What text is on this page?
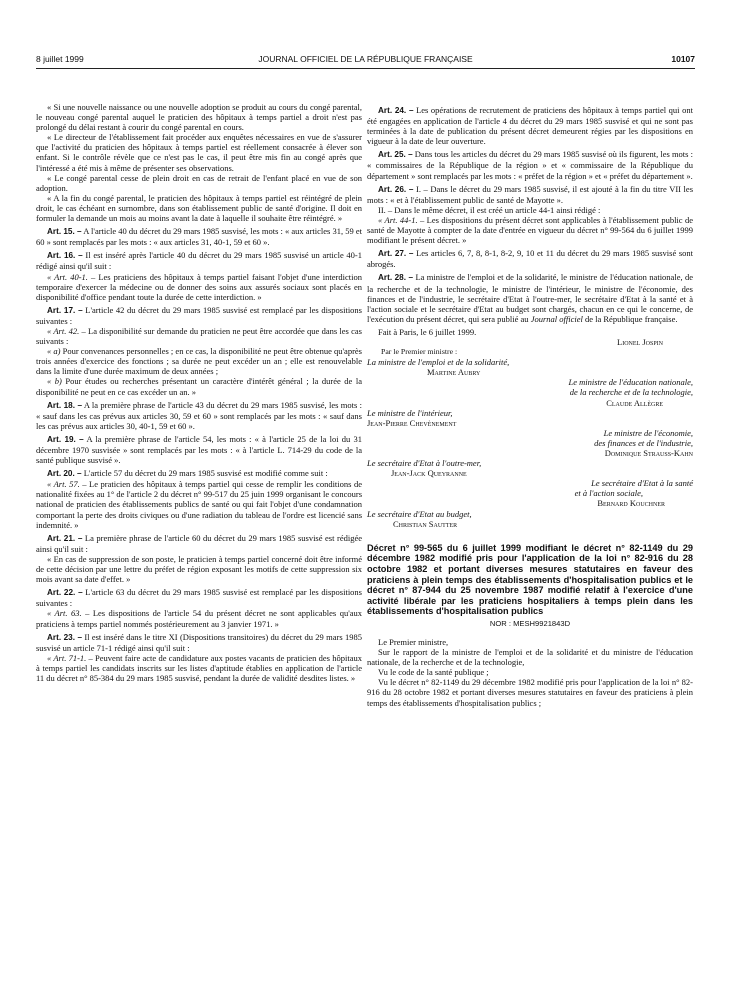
8 juillet 1999	JOURNAL OFFICIEL DE LA RÉPUBLIQUE FRANÇAISE	10107

« Si une nouvelle naissance ou une nouvelle adoption se produit au cours du congé parental, le nouveau congé parental auquel le praticien des hôpitaux à temps partiel a droit n'est pas prolongé du délai restant à courir du congé parental en cours.

« Le directeur de l'établissement fait procéder aux enquêtes nécessaires en vue de s'assurer que l'activité du praticien des hôpitaux à temps partiel est réellement consacrée à élever son enfant. Si le contrôle révèle que ce n'est pas le cas, il peut être mis fin au congé après que l'intéressé a été mis à même de présenter ses observations.

« Le congé parental cesse de plein droit en cas de retrait de l'enfant placé en vue de son adoption.

« A la fin du congé parental, le praticien des hôpitaux à temps partiel est réintégré de plein droit, le cas échéant en surnombre, dans son établissement public de santé d'origine. Il doit en formuler la demande un mois au moins avant la date à laquelle il souhaite être réintégré. »

Art. 15. – A l'article 40 du décret du 29 mars 1985 susvisé, les mots : « aux articles 31, 59 et 60 » sont remplacés par les mots : « aux articles 31, 40-1, 59 et 60 ».

Art. 16. – Il est inséré après l'article 40 du décret du 29 mars 1985 susvisé un article 40-1 rédigé ainsi qu'il suit :

« Art. 40-1. – Les praticiens des hôpitaux à temps partiel faisant l'objet d'une interdiction temporaire d'exercer la médecine ou de donner des soins aux assurés sociaux sont placés en disponibilité d'office pendant toute la durée de cette interdiction. »

Art. 17. – L'article 42 du décret du 29 mars 1985 susvisé est remplacé par les dispositions suivantes :

« Art. 42. – La disponibilité sur demande du praticien ne peut être accordée que dans les cas suivants :

« a) Pour convenances personnelles ; en ce cas, la disponibilité ne peut être obtenue qu'après trois années d'exercice des fonctions ; sa durée ne peut excéder un an ; elle est renouvelable dans la limite d'une durée maximum de deux années ;

« b) Pour études ou recherches présentant un caractère d'intérêt général ; la durée de la disponibilité ne peut en ce cas excéder un an. »

Art. 18. – A la première phrase de l'article 43 du décret du 29 mars 1985 susvisé, les mots : « sauf dans les cas prévus aux articles 30, 59 et 60 » sont remplacés par les mots : « sauf dans les cas prévus aux articles 30, 40-1, 59 et 60 ».

Art. 19. – A la première phrase de l'article 54, les mots : « à l'article 25 de la loi du 31 décembre 1970 susvisée » sont remplacés par les mots : « à l'article L. 714-29 du code de la santé publique susvisé ».

Art. 20. – L'article 57 du décret du 29 mars 1985 susvisé est modifié comme suit :

« Art. 57. – Le praticien des hôpitaux à temps partiel qui cesse de remplir les conditions de nationalité fixées au 1° de l'article 2 du décret n° 99-517 du 25 juin 1999 organisant le concours national de praticien des établissements publics de santé ou qui fait l'objet d'une condamnation comportant la perte des droits civiques ou d'une radiation du tableau de l'ordre est licencié sans indemnité. »

Art. 21. – La première phrase de l'article 60 du décret du 29 mars 1985 susvisé est rédigée ainsi qu'il suit :

« En cas de suppression de son poste, le praticien à temps partiel concerné doit être informé de cette décision par une lettre du préfet de région exposant les motifs de cette suppression six mois avant sa date d'effet. »

Art. 22. – L'article 63 du décret du 29 mars 1985 susvisé est remplacé par les dispositions suivantes :

« Art. 63. – Les dispositions de l'article 54 du présent décret ne sont applicables qu'aux praticiens à temps partiel nommés postérieurement au 3 janvier 1971. »

Art. 23. – Il est inséré dans le titre XI (Dispositions transitoires) du décret du 29 mars 1985 susvisé un article 71-1 rédigé ainsi qu'il suit :

« Art. 71-1. – Peuvent faire acte de candidature aux postes vacants de praticien des hôpitaux à temps partiel les candidats inscrits sur les listes d'aptitude établies en application de l'article 11 du décret n° 85-384 du 29 mars 1985 susvisé, pendant la durée de validité desdites listes. »

Art. 24. – Les opérations de recrutement de praticiens des hôpitaux à temps partiel qui ont été engagées en application de l'article 4 du décret du 29 mars 1985 susvisé et qui ne sont pas terminées à la date de publication du présent décret demeurent régies par les dispositions en vigueur à la date de leur ouverture.

Art. 25. – Dans tous les articles du décret du 29 mars 1985 susvisé où ils figurent, les mots : « commissaires de la République de la région » et « commissaire de la République du département » sont remplacés par les mots : « préfet de la région » et « préfet du département ».

Art. 26. – I. – Dans le décret du 29 mars 1985 susvisé, il est ajouté à la fin du titre VII les mots : « et à l'établissement public de santé de Mayotte ».

II. – Dans le même décret, il est créé un article 44-1 ainsi rédigé :

« Art. 44-1. – Les dispositions du présent décret sont applicables à l'établissement public de santé de Mayotte à compter de la date d'entrée en vigueur du décret n° 99-564 du 6 juillet 1999 modifiant le présent décret. »

Art. 27. – Les articles 6, 7, 8, 8-1, 8-2, 9, 10 et 11 du décret du 29 mars 1985 susvisé sont abrogés.

Art. 28. – La ministre de l'emploi et de la solidarité, le ministre de l'éducation nationale, de la recherche et de la technologie, le ministre de l'intérieur, le ministre de l'économie, des finances et de l'industrie, le secrétaire d'Etat à l'outre-mer, le secrétaire d'Etat à la santé et à l'action sociale et le secrétaire d'Etat au budget sont chargés, chacun en ce qui le concerne, de l'exécution du présent décret, qui sera publié au Journal officiel de la République française.

Fait à Paris, le 6 juillet 1999.

Lionel Jospin

Par le Premier ministre :

La ministre de l'emploi et de la solidarité,

Martine Aubry

Le ministre de l'éducation nationale,

de la recherche et de la technologie,

Claude Allègre

Le ministre de l'intérieur,

Jean-Pierre Chevènement

Le ministre de l'économie,

des finances et de l'industrie,

Dominique Strauss-Kahn

Le secrétaire d'Etat à l'outre-mer,

Jean-Jack Queyranne

Le secrétaire d'Etat à la santé

et à l'action sociale,

Bernard Kouchner

Le secrétaire d'Etat au budget,

Christian Sautter

Décret n° 99-565 du 6 juillet 1999 modifiant le décret n° 82-1149 du 29 décembre 1982 modifié pris pour l'application de la loi n° 82-916 du 28 octobre 1982 et portant diverses mesures statutaires en faveur des praticiens à plein temps des établissements d'hospitalisation publics et le décret n° 87-944 du 25 novembre 1987 modifié relatif à l'exercice d'une activité libérale par les praticiens hospitaliers à temps plein dans les établissements d'hospitalisation publics

NOR : MESH9921843D

Le Premier ministre,

Sur le rapport de la ministre de l'emploi et de la solidarité et du ministre de l'éducation nationale, de la recherche et de la technologie,

Vu le code de la santé publique ;

Vu le décret n° 82-1149 du 29 décembre 1982 modifié pris pour l'application de la loi n° 82-916 du 28 octobre 1982 et portant diverses mesures statutaires en faveur des praticiens à plein temps des établissements d'hospitalisation publics ;
